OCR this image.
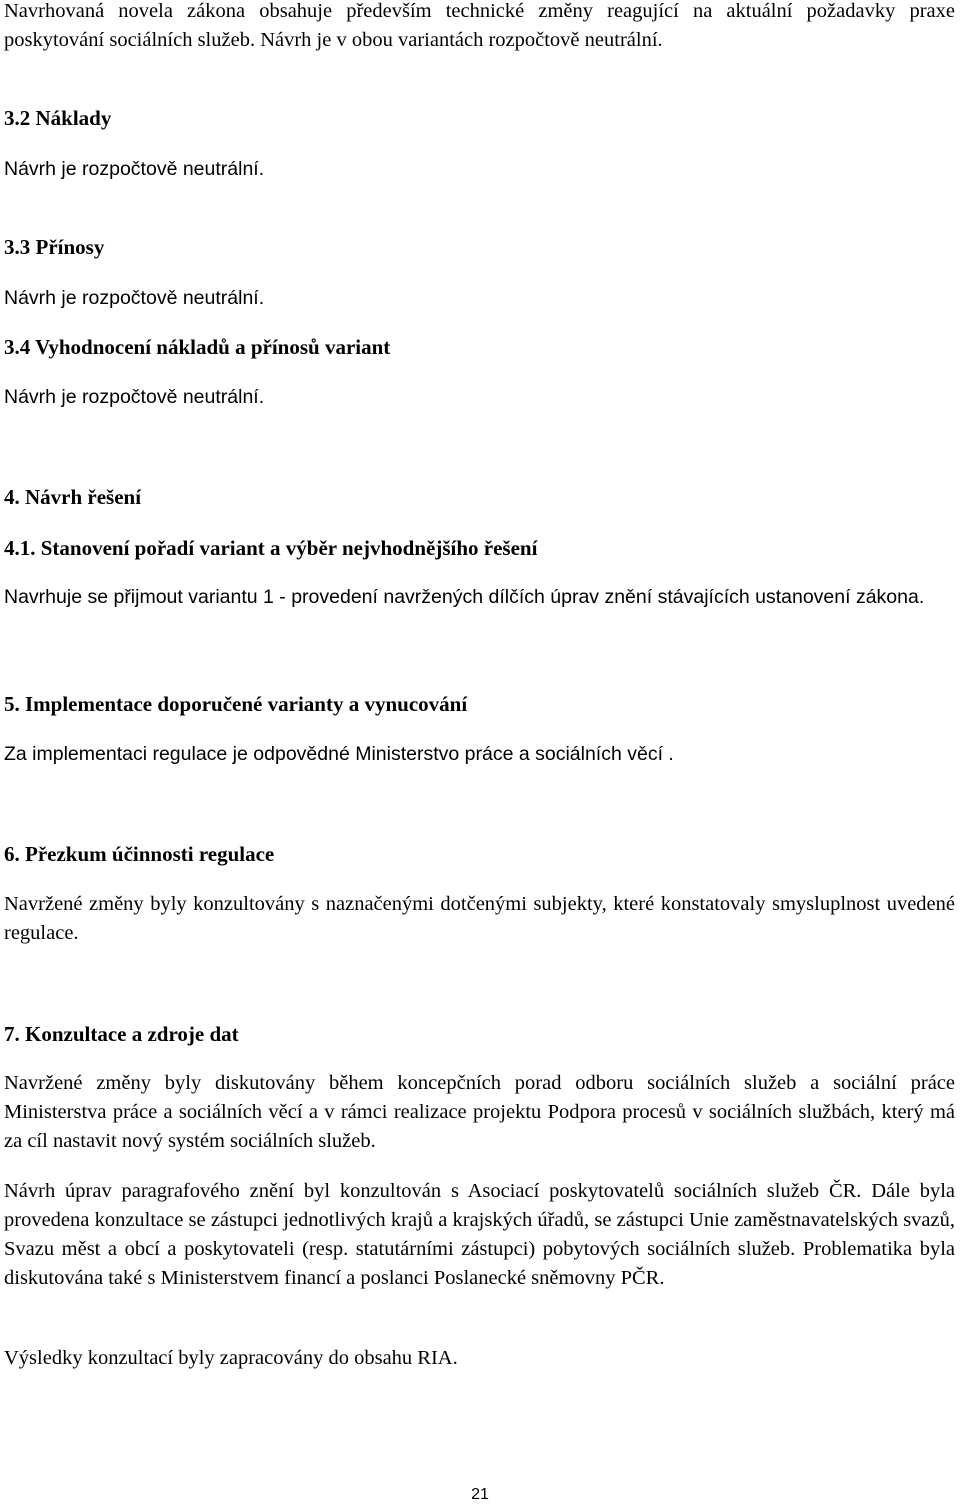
Navrhovaná novela zákona obsahuje především technické změny reagující na aktuální požadavky praxe poskytování sociálních služeb. Návrh je v obou variantách rozpočtově neutrální.

3.2 Náklady

Návrh je rozpočtově neutrální.

3.3 Přínosy

Návrh je rozpočtově neutrální.

3.4 Vyhodnocení nákladů a přínosů variant

Návrh je rozpočtově neutrální.

4. Návrh řešení

4.1. Stanovení pořadí variant a výběr nejvhodnějšího řešení

Navrhuje se přijmout variantu 1 - provedení navržených dílčích úprav znění stávajících ustanovení zákona.

5. Implementace doporučené varianty a vynucování

Za implementaci regulace je odpovědné Ministerstvo práce a sociálních věcí .

6. Přezkum účinnosti regulace

Navržené změny byly konzultovány s naznačenými dotčenými subjekty, které konstatovaly smysluplnost uvedené regulace.

7. Konzultace a zdroje dat

Navržené změny byly diskutovány během koncepčních porad odboru sociálních služeb a sociální práce Ministerstva práce a sociálních věcí a v rámci realizace projektu Podpora procesů v sociálních službách, který má za cíl nastavit nový systém sociálních služeb.

Návrh úprav paragrafového znění byl konzultován s Asociací poskytovatelů sociálních služeb ČR. Dále byla provedena konzultace se zástupci jednotlivých krajů a krajských úřadů, se zástupci Unie zaměstnavatelských svazů, Svazu měst a obcí a poskytovateli (resp. statutárními zástupci) pobytových sociálních služeb. Problematika byla diskutována také s Ministerstvem financí a poslanci Poslanecké sněmovny PČR.

Výsledky konzultací byly zapracovány do obsahu RIA.

21
